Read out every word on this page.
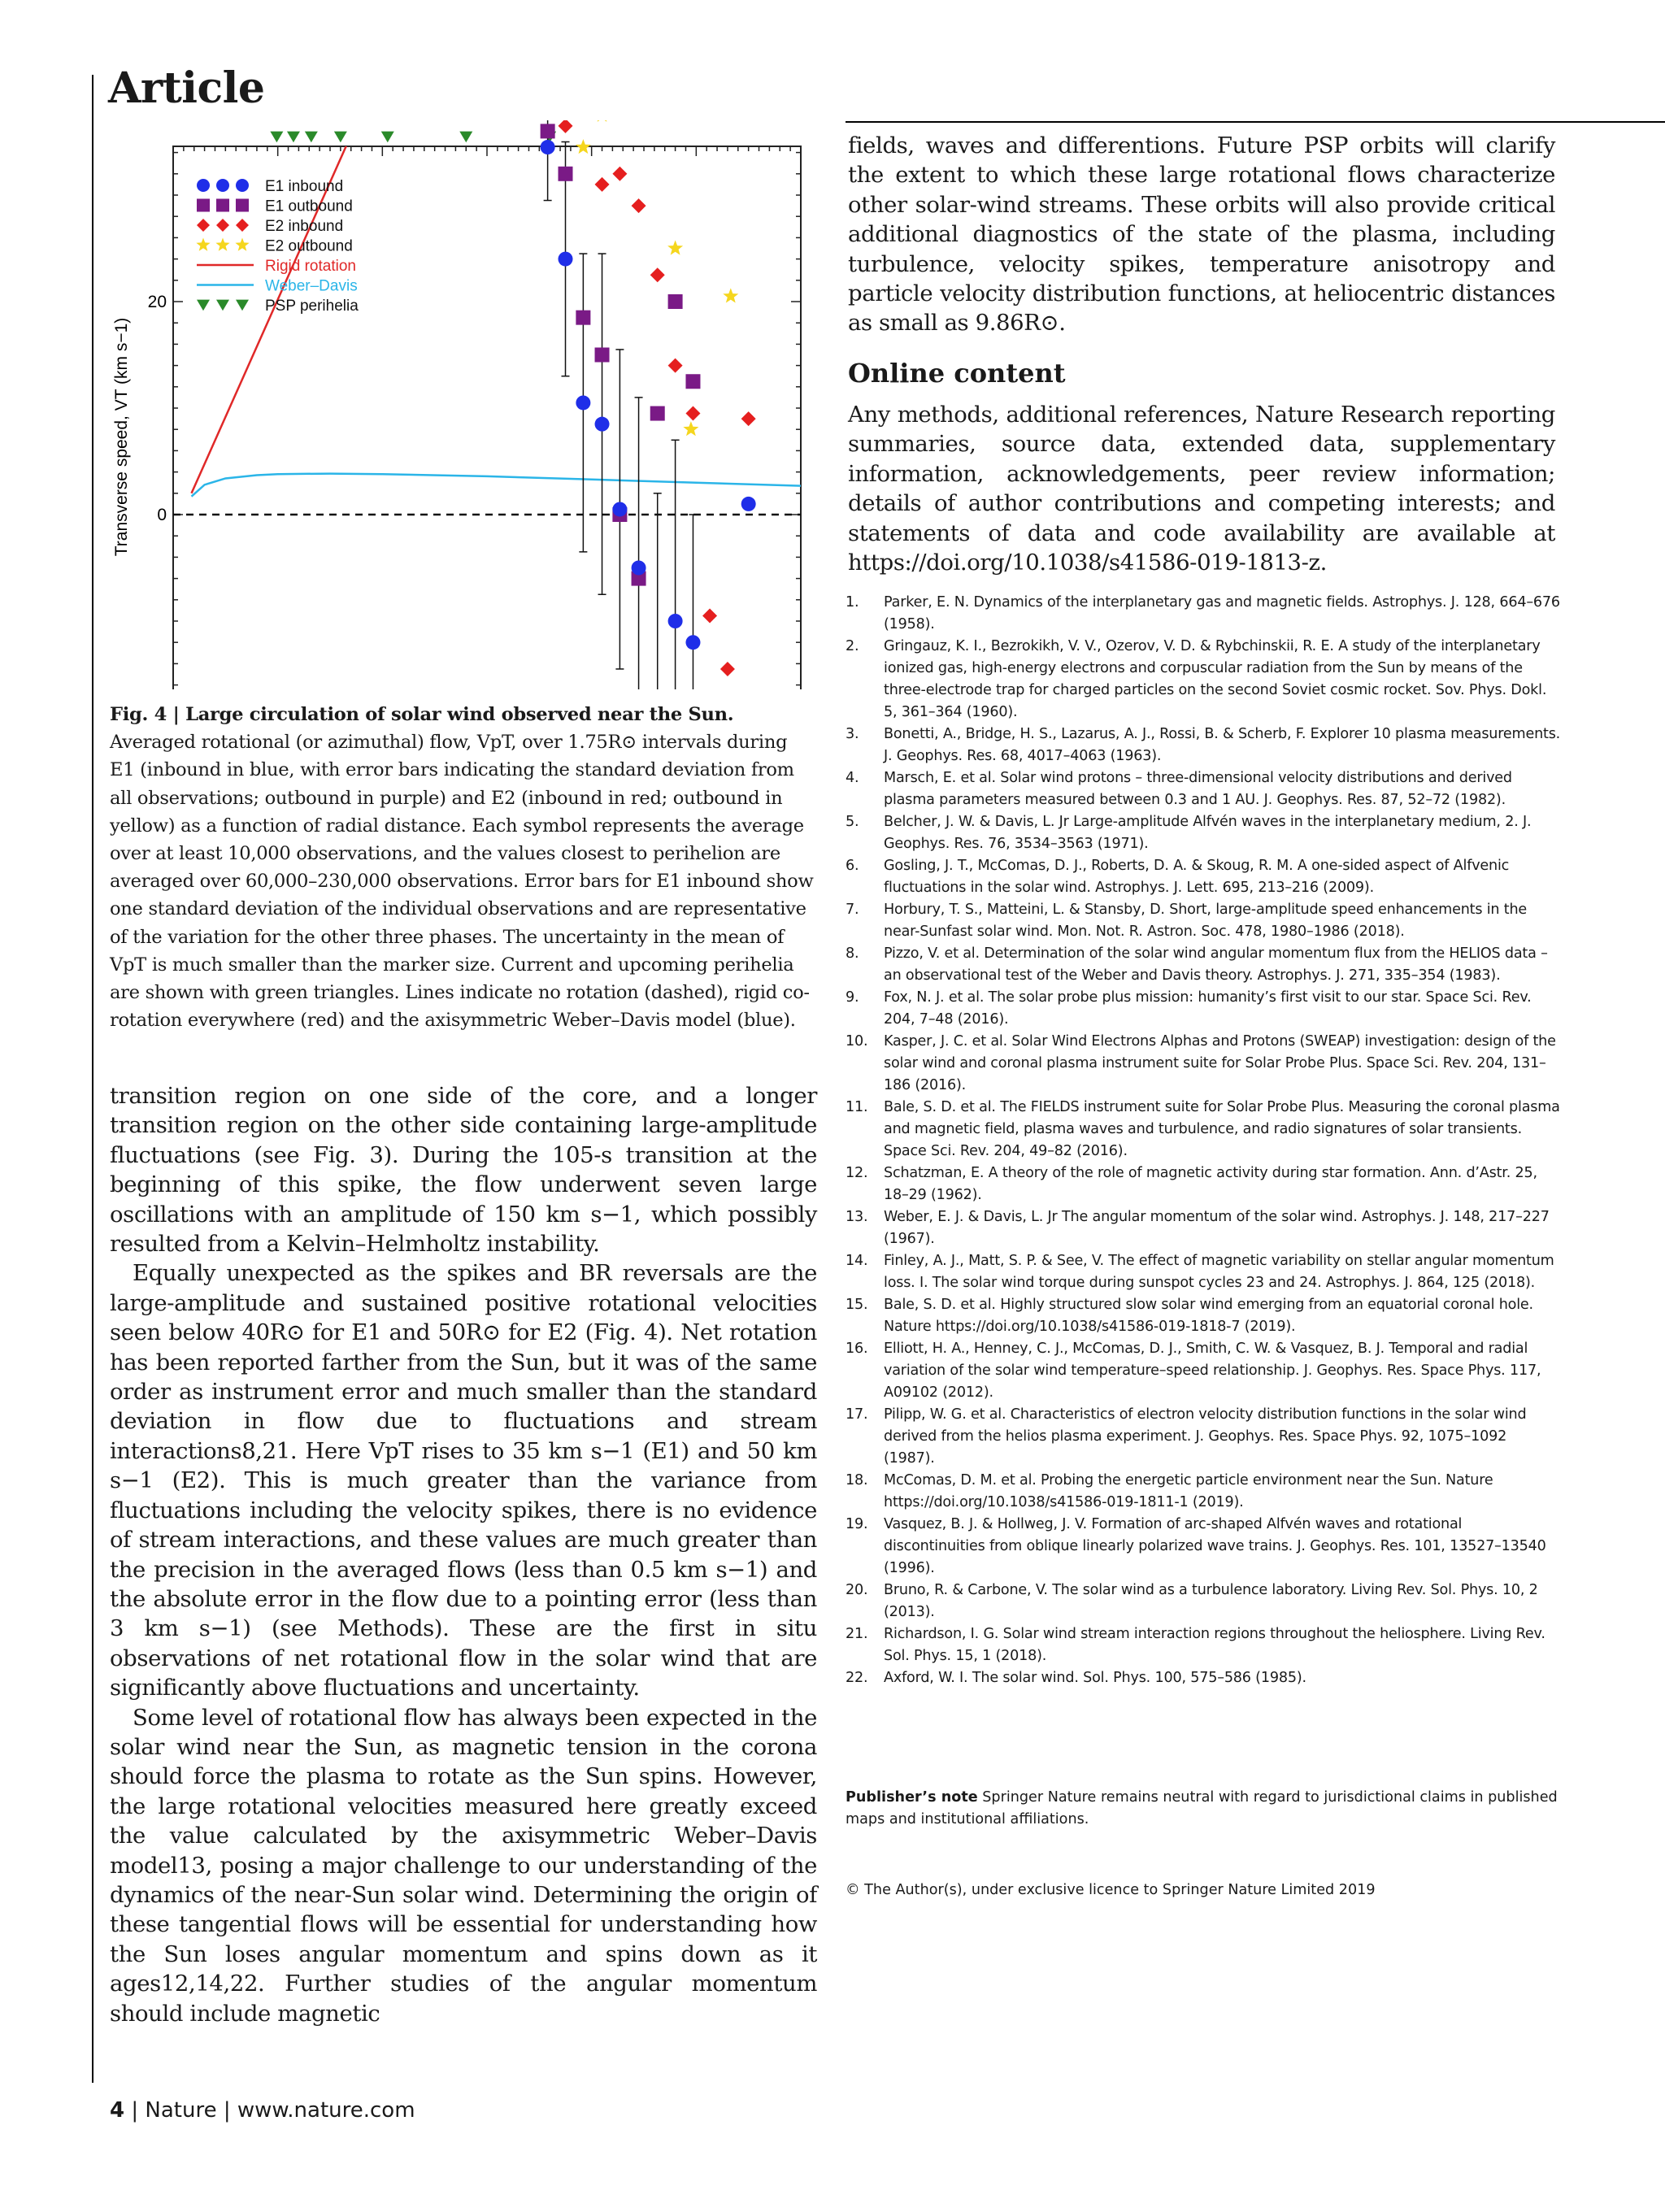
Article
0
20
E1 inbound
E1 outbound
E2 inbound
E2 outbound
Rigid rotation
Weber–Davis
PSP perihelia
Transverse speed, VT (km s−1)
Fig. 4 | Large circulation of solar wind observed near the Sun. Averaged rotational (or azimuthal) flow, VpT, over 1.75R⊙ intervals during E1 (inbound in blue, with error bars indicating the standard deviation from all observations; outbound in purple) and E2 (inbound in red; outbound in yellow) as a function of radial distance. Each symbol represents the average over at least 10,000 observations, and the values closest to perihelion are averaged over 60,000–230,000 observations. Error bars for E1 inbound show one standard deviation of the individual observations and are representative of the variation for the other three phases. The uncertainty in the mean of VpT is much smaller than the marker size. Current and upcoming perihelia are shown with green triangles. Lines indicate no rotation (dashed), rigid co-rotation everywhere (red) and the axisymmetric Weber–Davis model (blue).

transition region on one side of the core, and a longer transition region on the other side containing large-amplitude fluctuations (see Fig. 3). During the 105-s transition at the beginning of this spike, the flow underwent seven large oscillations with an amplitude of 150 km s−1, which possibly resulted from a Kelvin–Helmholtz instability.

Equally unexpected as the spikes and BR reversals are the large-amplitude and sustained positive rotational velocities seen below 40R⊙ for E1 and 50R⊙ for E2 (Fig. 4). Net rotation has been reported farther from the Sun, but it was of the same order as instrument error and much smaller than the standard deviation in flow due to fluctuations and stream interactions8,21. Here VpT rises to 35 km s−1 (E1) and 50 km s−1 (E2). This is much greater than the variance from fluctuations including the velocity spikes, there is no evidence of stream interactions, and these values are much greater than the precision in the averaged flows (less than 0.5 km s−1) and the absolute error in the flow due to a pointing error (less than 3 km s−1) (see Methods). These are the first in situ observations of net rotational flow in the solar wind that are significantly above fluctuations and uncertainty.

Some level of rotational flow has always been expected in the solar wind near the Sun, as magnetic tension in the corona should force the plasma to rotate as the Sun spins. However, the large rotational velocities measured here greatly exceed the value calculated by the axisymmetric Weber–Davis model13, posing a major challenge to our understanding of the dynamics of the near-Sun solar wind. Determining the origin of these tangential flows will be essential for understanding how the Sun loses angular momentum and spins down as it ages12,14,22. Further studies of the angular momentum should include magnetic

fields, waves and differentions. Future PSP orbits will clarify the extent to which these large rotational flows characterize other solar-wind streams. These orbits will also provide critical additional diagnostics of the state of the plasma, including turbulence, velocity spikes, temperature anisotropy and particle velocity distribution functions, at heliocentric distances as small as 9.86R⊙.

Online content

Any methods, additional references, Nature Research reporting summaries, source data, extended data, supplementary information, acknowledgements, peer review information; details of author contributions and competing interests; and statements of data and code availability are available at https://doi.org/10.1038/s41586-019-1813-z.

1.	Parker, E. N. Dynamics of the interplanetary gas and magnetic fields. Astrophys. J. 128, 664–676 (1958).
2.	Gringauz, K. I., Bezrokikh, V. V., Ozerov, V. D. & Rybchinskii, R. E. A study of the interplanetary ionized gas, high-energy electrons and corpuscular radiation from the Sun by means of the three-electrode trap for charged particles on the second Soviet cosmic rocket. Sov. Phys. Dokl. 5, 361–364 (1960).
3.	Bonetti, A., Bridge, H. S., Lazarus, A. J., Rossi, B. & Scherb, F. Explorer 10 plasma measurements. J. Geophys. Res. 68, 4017–4063 (1963).
4.	Marsch, E. et al. Solar wind protons – three-dimensional velocity distributions and derived plasma parameters measured between 0.3 and 1 AU. J. Geophys. Res. 87, 52–72 (1982).
5.	Belcher, J. W. & Davis, L. Jr Large-amplitude Alfvén waves in the interplanetary medium, 2. J. Geophys. Res. 76, 3534–3563 (1971).
6.	Gosling, J. T., McComas, D. J., Roberts, D. A. & Skoug, R. M. A one-sided aspect of Alfvenic fluctuations in the solar wind. Astrophys. J. Lett. 695, 213–216 (2009).
7.	Horbury, T. S., Matteini, L. & Stansby, D. Short, large-amplitude speed enhancements in the near-Sunfast solar wind. Mon. Not. R. Astron. Soc. 478, 1980–1986 (2018).
8.	Pizzo, V. et al. Determination of the solar wind angular momentum flux from the HELIOS data – an observational test of the Weber and Davis theory. Astrophys. J. 271, 335–354 (1983).
9.	Fox, N. J. et al. The solar probe plus mission: humanity’s first visit to our star. Space Sci. Rev. 204, 7–48 (2016).
10.	Kasper, J. C. et al. Solar Wind Electrons Alphas and Protons (SWEAP) investigation: design of the solar wind and coronal plasma instrument suite for Solar Probe Plus. Space Sci. Rev. 204, 131–186 (2016).
11.	Bale, S. D. et al. The FIELDS instrument suite for Solar Probe Plus. Measuring the coronal plasma and magnetic field, plasma waves and turbulence, and radio signatures of solar transients. Space Sci. Rev. 204, 49–82 (2016).
12.	Schatzman, E. A theory of the role of magnetic activity during star formation. Ann. d’Astr. 25, 18–29 (1962).
13.	Weber, E. J. & Davis, L. Jr The angular momentum of the solar wind. Astrophys. J. 148, 217–227 (1967).
14.	Finley, A. J., Matt, S. P. & See, V. The effect of magnetic variability on stellar angular momentum loss. I. The solar wind torque during sunspot cycles 23 and 24. Astrophys. J. 864, 125 (2018).
15.	Bale, S. D. et al. Highly structured slow solar wind emerging from an equatorial coronal hole. Nature https://doi.org/10.1038/s41586-019-1818-7 (2019).
16.	Elliott, H. A., Henney, C. J., McComas, D. J., Smith, C. W. & Vasquez, B. J. Temporal and radial variation of the solar wind temperature–speed relationship. J. Geophys. Res. Space Phys. 117, A09102 (2012).
17.	Pilipp, W. G. et al. Characteristics of electron velocity distribution functions in the solar wind derived from the helios plasma experiment. J. Geophys. Res. Space Phys. 92, 1075–1092 (1987).
18.	McComas, D. M. et al. Probing the energetic particle environment near the Sun. Nature https://doi.org/10.1038/s41586-019-1811-1 (2019).
19.	Vasquez, B. J. & Hollweg, J. V. Formation of arc-shaped Alfvén waves and rotational discontinuities from oblique linearly polarized wave trains. J. Geophys. Res. 101, 13527–13540 (1996).
20.	Bruno, R. & Carbone, V. The solar wind as a turbulence laboratory. Living Rev. Sol. Phys. 10, 2 (2013).
21.	Richardson, I. G. Solar wind stream interaction regions throughout the heliosphere. Living Rev. Sol. Phys. 15, 1 (2018).
22.	Axford, W. I. The solar wind. Sol. Phys. 100, 575–586 (1985).
Publisher’s note Springer Nature remains neutral with regard to jurisdictional claims in published maps and institutional affiliations.
© The Author(s), under exclusive licence to Springer Nature Limited 2019
4 | Nature | www.nature.com
